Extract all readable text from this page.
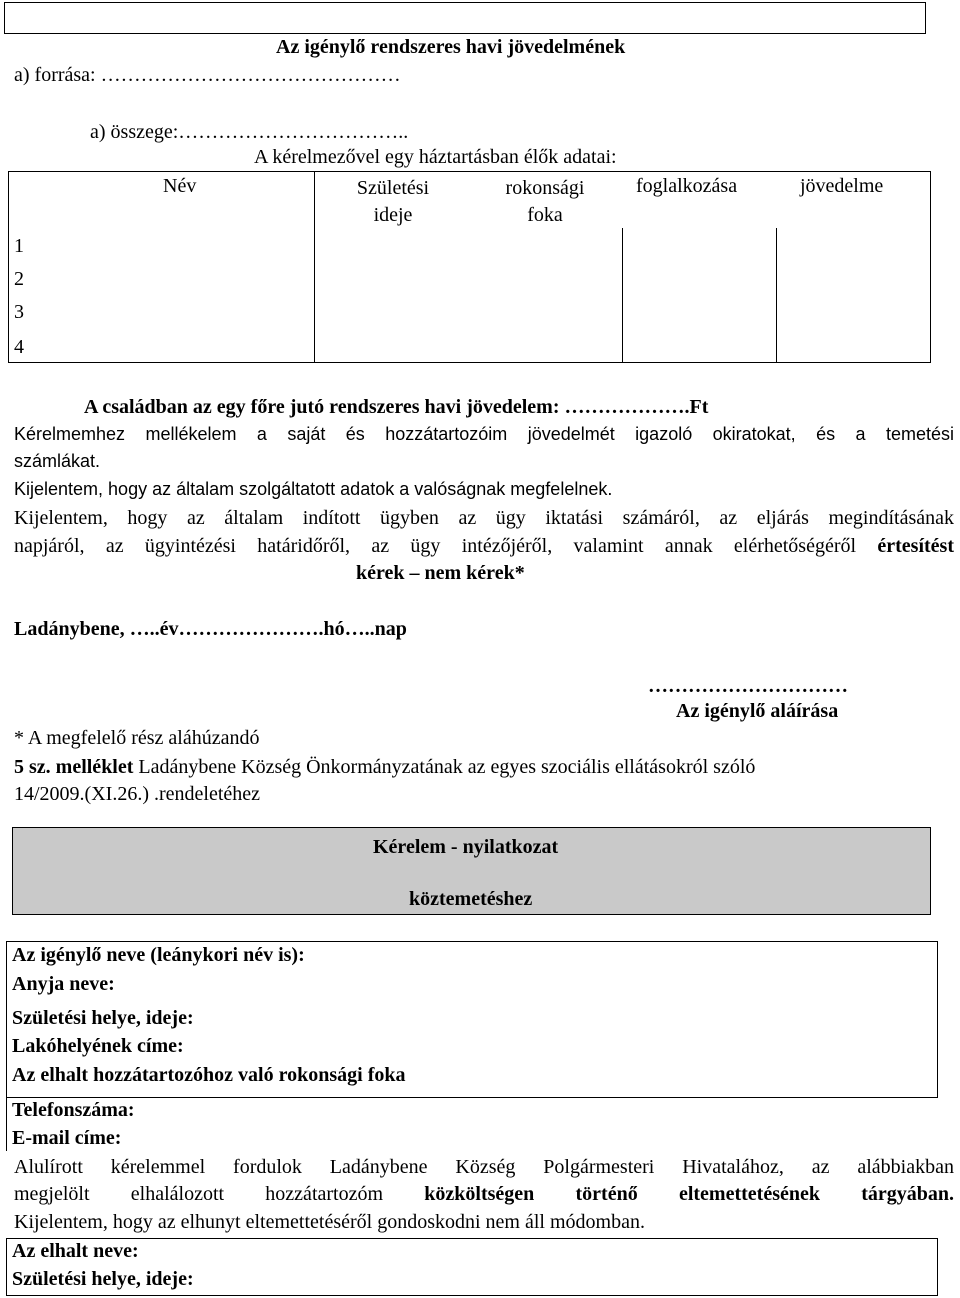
Az igénylő rendszeres havi jövedelmének
a) forrása: ………………………………………
a) összege:……………………………..
A kérelmezővel egy háztartásban élők adatai:
Név	Születési
ideje
rokonsági
foka
foglalkozása	jövedelme
1
2
3
4
A családban az egy főre jutó rendszeres havi jövedelem: ……………….Ft
Kérelmemhez mellékelem a saját és hozzátartozóim jövedelmét igazoló okiratokat, és a temetési
számlákat.
Kijelentem, hogy az általam szolgáltatott adatok a valóságnak megfelelnek.
Kijelentem, hogy az általam indított ügyben az ügy iktatási számáról, az eljárás megindításának
napjáról, az ügyintézési határidőről, az ügy intézőjéről, valamint annak elérhetőségéről értesítést
kérek – nem kérek*
Ladánybene, …..év………………….hó…..nap
…………………………
Az igénylő aláírása
* A megfelelő rész aláhúzandó
5 sz. melléklet Ladánybene Község Önkormányzatának az egyes szociális ellátásokról szóló
14/2009.(XI.26.) .rendeletéhez
Kérelem - nyilatkozat
köztemetéshez
Az igénylő neve (leánykori név is):
Anyja neve:
Születési helye, ideje:
Lakóhelyének címe:
Az elhalt hozzátartozóhoz való rokonsági foka
Telefonszáma:
E-mail címe:
Alulírott kérelemmel fordulok Ladánybene Község Polgármesteri Hivatalához, az alábbiakban
megjelölt elhalálozott hozzátartozóm közköltségen történő eltemettetésének tárgyában.
Kijelentem, hogy az elhunyt eltemettetéséről gondoskodni nem áll módomban.
Az elhalt neve:
Születési helye, ideje:
